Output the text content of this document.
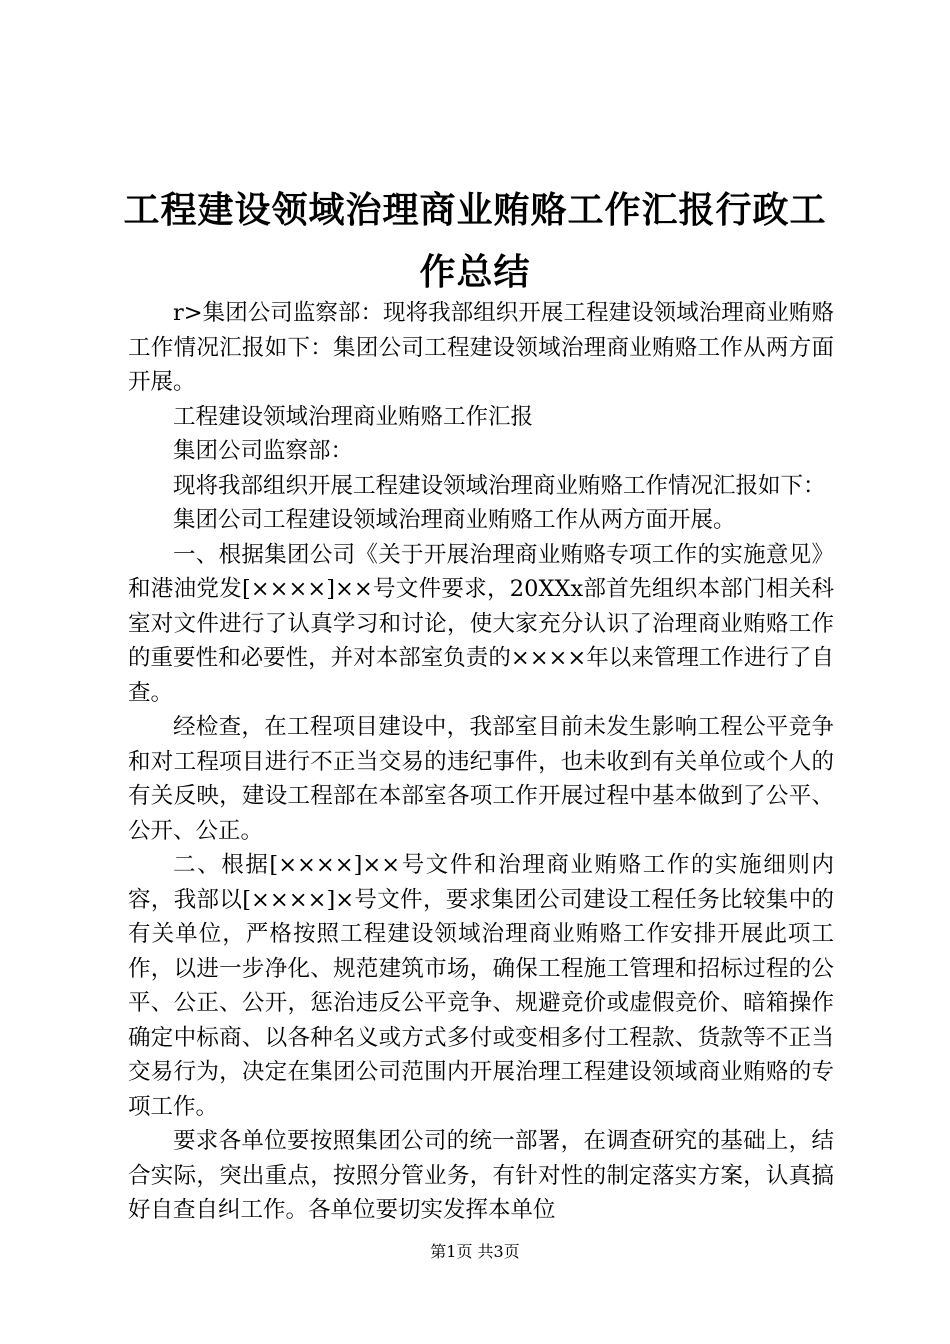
工程建设领域治理商业贿赂工作汇报行政工作总结

r>集团公司监察部：现将我部组织开展工程建设领域治理商业贿赂工作情况汇报如下：集团公司工程建设领域治理商业贿赂工作从两方面开展。

工程建设领域治理商业贿赂工作汇报

集团公司监察部：

现将我部组织开展工程建设领域治理商业贿赂工作情况汇报如下：

集团公司工程建设领域治理商业贿赂工作从两方面开展。

一、根据集团公司《关于开展治理商业贿赂专项工作的实施意见》和港油党发[××××]××号文件要求，20XXx部首先组织本部门相关科室对文件进行了认真学习和讨论，使大家充分认识了治理商业贿赂工作的重要性和必要性，并对本部室负责的××××年以来管理工作进行了自查。

经检查，在工程项目建设中，我部室目前未发生影响工程公平竞争和对工程项目进行不正当交易的违纪事件，也未收到有关单位或个人的有关反映，建设工程部在本部室各项工作开展过程中基本做到了公平、公开、公正。

二、根据[××××]××号文件和治理商业贿赂工作的实施细则内容，我部以[××××]×号文件，要求集团公司建设工程任务比较集中的有关单位，严格按照工程建设领域治理商业贿赂工作安排开展此项工作，以进一步净化、规范建筑市场，确保工程施工管理和招标过程的公平、公正、公开，惩治违反公平竞争、规避竞价或虚假竞价、暗箱操作确定中标商、以各种名义或方式多付或变相多付工程款、货款等不正当交易行为，决定在集团公司范围内开展治理工程建设领域商业贿赂的专项工作。

要求各单位要按照集团公司的统一部署，在调查研究的基础上，结合实际，突出重点，按照分管业务，有针对性的制定落实方案，认真搞好自查自纠工作。各单位要切实发挥本单位

第1页 共3页
